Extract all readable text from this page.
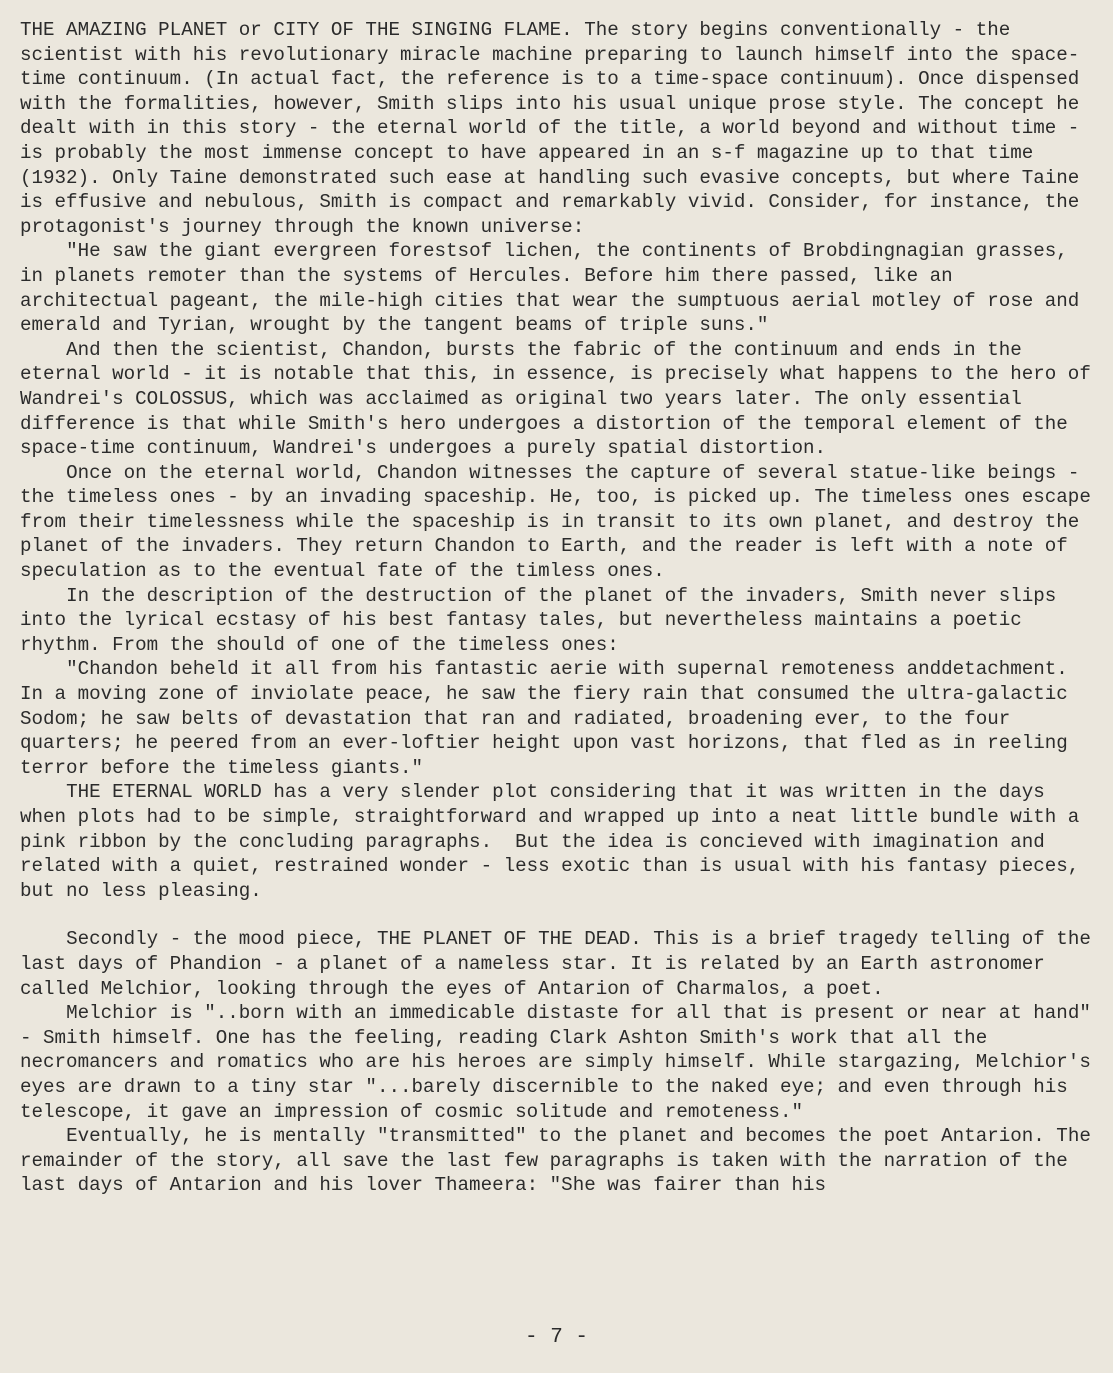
THE AMAZING PLANET or CITY OF THE SINGING FLAME. The story begins conventionally - the scientist with his revolutionary miracle machine preparing to launch himself into the space-time continuum. (In actual fact, the reference is to a time-space continuum). Once dispensed with the formalities, however, Smith slips into his usual unique prose style. The concept he dealt with in this story - the eternal world of the title, a world beyond and without time - is probably the most immense concept to have appeared in an s-f magazine up to that time (1932). Only Taine demonstrated such ease at handling such evasive concepts, but where Taine is effusive and nebulous, Smith is compact and remarkably vivid. Consider, for instance, the protagonist's journey through the known universe:

"He saw the giant evergreen forestsof lichen, the continents of Brobdingnagian grasses, in planets remoter than the systems of Hercules. Before him there passed, like an architectual pageant, the mile-high cities that wear the sumptuous aerial motley of rose and emerald and Tyrian, wrought by the tangent beams of triple suns."

And then the scientist, Chandon, bursts the fabric of the continuum and ends in the eternal world - it is notable that this, in essence, is precisely what happens to the hero of Wandrei's COLOSSUS, which was acclaimed as original two years later. The only essential difference is that while Smith's hero undergoes a distortion of the temporal element of the space-time continuum, Wandrei's undergoes a purely spatial distortion.

Once on the eternal world, Chandon witnesses the capture of several statue-like beings - the timeless ones - by an invading spaceship. He, too, is picked up. The timeless ones escape from their timelessness while the spaceship is in transit to its own planet, and destroy the planet of the invaders. They return Chandon to Earth, and the reader is left with a note of speculation as to the eventual fate of the timless ones.

In the description of the destruction of the planet of the invaders, Smith never slips into the lyrical ecstasy of his best fantasy tales, but nevertheless maintains a poetic rhythm. From the should of one of the timeless ones:

"Chandon beheld it all from his fantastic aerie with supernal remoteness anddetachment. In a moving zone of inviolate peace, he saw the fiery rain that consumed the ultra-galactic Sodom; he saw belts of devastation that ran and radiated, broadening ever, to the four quarters; he peered from an ever-loftier height upon vast horizons, that fled as in reeling terror before the timeless giants."

THE ETERNAL WORLD has a very slender plot considering that it was written in the days when plots had to be simple, straightforward and wrapped up into a neat little bundle with a pink ribbon by the concluding paragraphs.  But the idea is concieved with imagination and related with a quiet, restrained wonder - less exotic than is usual with his fantasy pieces, but no less pleasing.

Secondly - the mood piece, THE PLANET OF THE DEAD. This is a brief tragedy telling of the last days of Phandion - a planet of a nameless star. It is related by an Earth astronomer called Melchior, looking through the eyes of Antarion of Charmalos, a poet.

Melchior is "..born with an immedicable distaste for all that is present or near at hand" - Smith himself. One has the feeling, reading Clark Ashton Smith's work that all the necromancers and romatics who are his heroes are simply himself. While stargazing, Melchior's eyes are drawn to a tiny star "...barely discernible to the naked eye; and even through his telescope, it gave an impression of cosmic solitude and remoteness."

Eventually, he is mentally "transmitted" to the planet and becomes the poet Antarion. The remainder of the story, all save the last few paragraphs is taken with the narration of the last days of Antarion and his lover Thameera: "She was fairer than his

- 7 -
